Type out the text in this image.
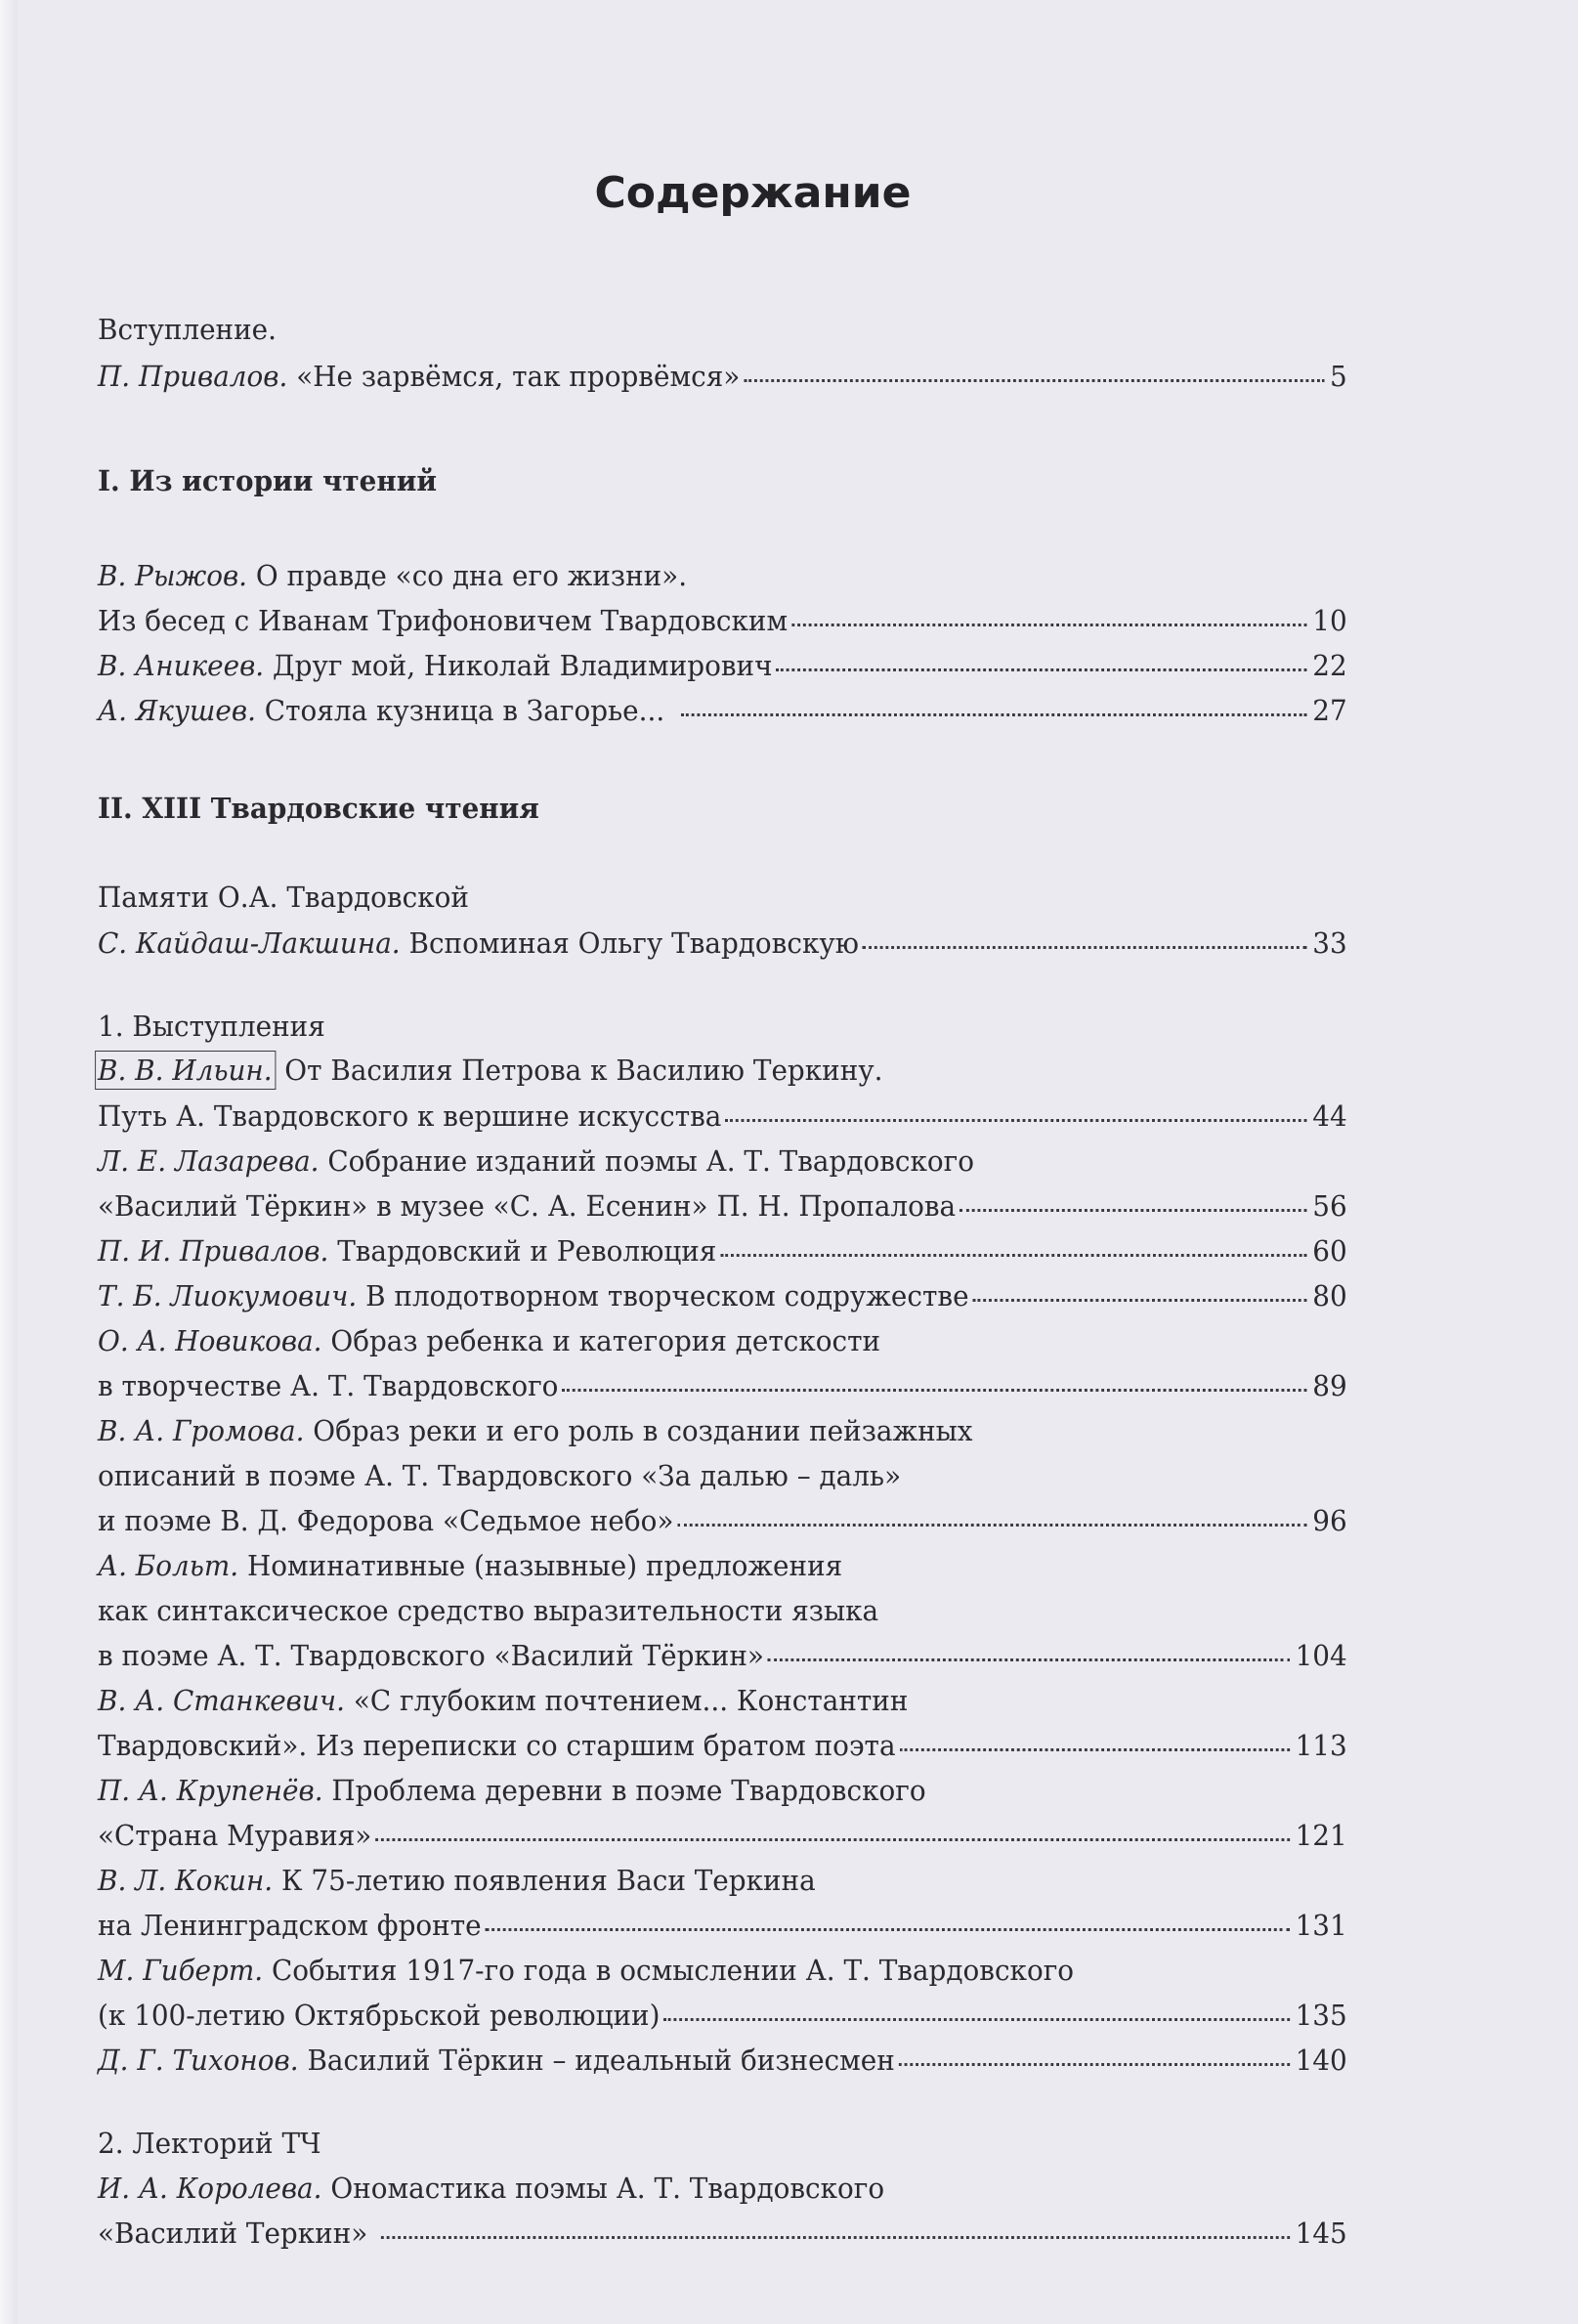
Содержание
Вступление.
П. Привалов. «Не зарвёмся, так прорвёмся»	5
I. Из истории чтений
В. Рыжов. О правде «со дна его жизни».
Из бесед с Иванам Трифоновичем Твардовским	10
В. Аникеев. Друг мой, Николай Владимирович	22
А. Якушев. Стояла кузница в Загорье...	27
II. XIII Твардовские чтения
Памяти О.А. Твардовской
С. Кайдаш-Лакшина. Вспоминая Ольгу Твардовскую	33
1. Выступления
В. В. Ильин. От Василия Петрова к Василию Теркину.
Путь А. Твардовского к вершине искусства	44
Л. Е. Лазарева. Собрание изданий поэмы А. Т. Твардовского
«Василий Тёркин» в музее «С. А. Есенин» П. Н. Пропалова	56
П. И. Привалов. Твардовский и Революция	60
Т. Б. Лиокумович. В плодотворном творческом содружестве	80
О. А. Новикова. Образ ребенка и категория детскости
в творчестве А. Т. Твардовского	89
В. А. Громова. Образ реки и его роль в создании пейзажных
описаний в поэме А. Т. Твардовского «За далью – даль»
и поэме В. Д. Федорова «Седьмое небо»	96
А. Больт. Номинативные (назывные) предложения
как синтаксическое средство выразительности языка
в поэме А. Т. Твардовского «Василий Тёркин»	104
В. А. Станкевич. «С глубоким почтением... Константин
Твардовский». Из переписки со старшим братом поэта	113
П. А. Крупенёв. Проблема деревни в поэме Твардовского
«Страна Муравия»	121
В. Л. Кокин. К 75-летию появления Васи Теркина
на Ленинградском фронте	131
М. Гиберт. События 1917-го года в осмыслении А. Т. Твардовского
(к 100-летию Октябрьской революции)	135
Д. Г. Тихонов. Василий Тёркин – идеальный бизнесмен	140
2. Лекторий ТЧ
И. А. Королева. Ономастика поэмы А. Т. Твардовского
«Василий Теркин»	145
